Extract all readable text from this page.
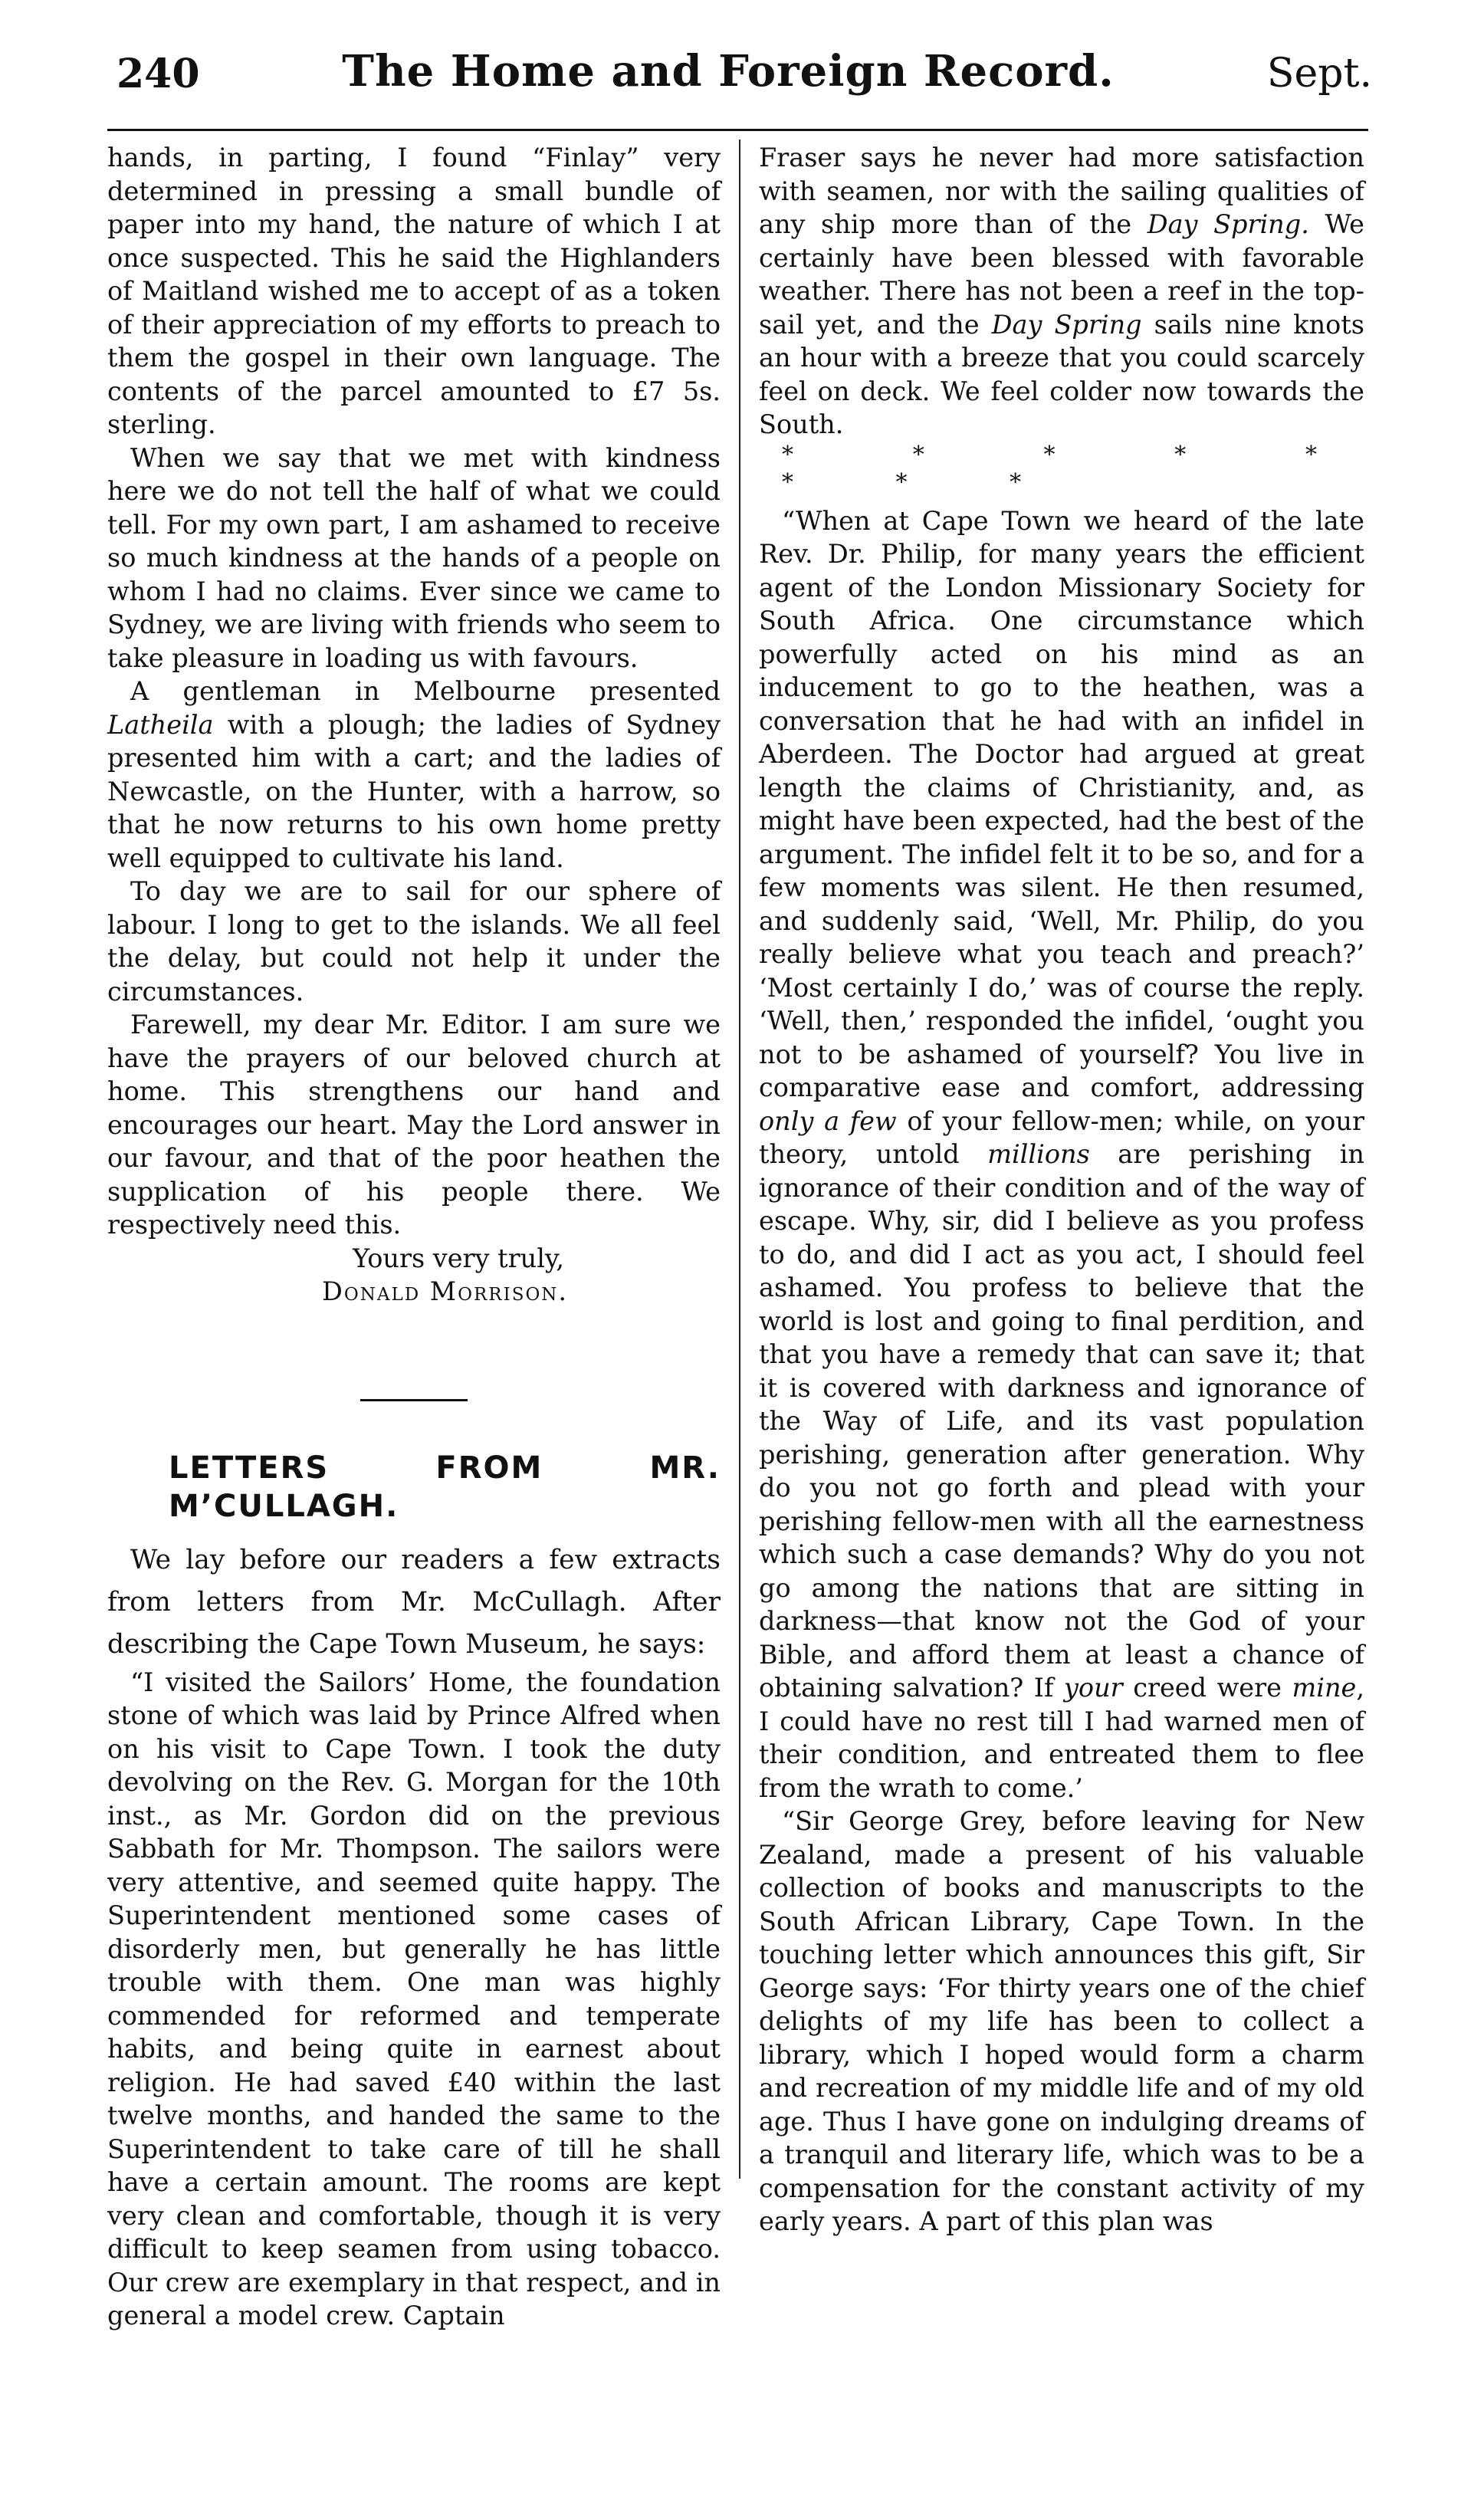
240	The Home and Foreign Record.	Sept.

hands, in parting, I found “Finlay” very determined in pressing a small bundle of paper into my hand, the nature of which I at once suspected. This he said the Highlanders of Maitland wished me to accept of as a token of their appreciation of my efforts to preach to them the gospel in their own language. The contents of the parcel amounted to £7 5s. sterling.

When we say that we met with kindness here we do not tell the half of what we could tell. For my own part, I am ashamed to receive so much kindness at the hands of a people on whom I had no claims. Ever since we came to Sydney, we are living with friends who seem to take pleasure in loading us with favours.

A gentleman in Melbourne presented Latheila with a plough; the ladies of Sydney presented him with a cart; and the ladies of Newcastle, on the Hunter, with a harrow, so that he now returns to his own home pretty well equipped to cultivate his land.

To day we are to sail for our sphere of labour. I long to get to the islands. We all feel the delay, but could not help it under the circumstances.

Farewell, my dear Mr. Editor. I am sure we have the prayers of our beloved church at home. This strengthens our hand and encourages our heart. May the Lord answer in our favour, and that of the poor heathen the supplication of his people there. We respectively need this.

Yours very truly,

Donald Morrison.

LETTERS FROM MR. M’CULLAGH.

We lay before our readers a few extracts from letters from Mr. McCullagh. After describing the Cape Town Museum, he says:

“I visited the Sailors’ Home, the foundation stone of which was laid by Prince Alfred when on his visit to Cape Town. I took the duty devolving on the Rev. G. Morgan for the 10th inst., as Mr. Gordon did on the previous Sabbath for Mr. Thompson. The sailors were very attentive, and seemed quite happy. The Superintendent mentioned some cases of disorderly men, but generally he has little trouble with them. One man was highly commended for reformed and temperate habits, and being quite in earnest about religion. He had saved £40 within the last twelve months, and handed the same to the Superintendent to take care of till he shall have a certain amount. The rooms are kept very clean and comfortable, though it is very difficult to keep seamen from using tobacco. Our crew are exemplary in that respect, and in general a model crew. Captain

Fraser says he never had more satisfaction with seamen, nor with the sailing qualities of any ship more than of the Day Spring. We certainly have been blessed with favorable weather. There has not been a reef in the top-sail yet, and the Day Spring sails nine knots an hour with a breeze that you could scarcely feel on deck. We feel colder now towards the South.

* * * * * * * *

“When at Cape Town we heard of the late Rev. Dr. Philip, for many years the efficient agent of the London Missionary Society for South Africa. One circumstance which powerfully acted on his mind as an inducement to go to the heathen, was a conversation that he had with an infidel in Aberdeen. The Doctor had argued at great length the claims of Christianity, and, as might have been expected, had the best of the argument. The infidel felt it to be so, and for a few moments was silent. He then resumed, and suddenly said, ‘Well, Mr. Philip, do you really believe what you teach and preach?’ ‘Most certainly I do,’ was of course the reply. ‘Well, then,’ responded the infidel, ‘ought you not to be ashamed of yourself? You live in comparative ease and comfort, addressing only a few of your fellow-men; while, on your theory, untold millions are perishing in ignorance of their condition and of the way of escape. Why, sir, did I believe as you profess to do, and did I act as you act, I should feel ashamed. You profess to believe that the world is lost and going to final perdition, and that you have a remedy that can save it; that it is covered with darkness and ignorance of the Way of Life, and its vast population perishing, generation after generation. Why do you not go forth and plead with your perishing fellow-men with all the earnestness which such a case demands? Why do you not go among the nations that are sitting in darkness—that know not the God of your Bible, and afford them at least a chance of obtaining salvation? If your creed were mine, I could have no rest till I had warned men of their condition, and entreated them to flee from the wrath to come.’

“Sir George Grey, before leaving for New Zealand, made a present of his valuable collection of books and manuscripts to the South African Library, Cape Town. In the touching letter which announces this gift, Sir George says: ‘For thirty years one of the chief delights of my life has been to collect a library, which I hoped would form a charm and recreation of my middle life and of my old age. Thus I have gone on indulging dreams of a tranquil and literary life, which was to be a compensation for the constant activity of my early years. A part of this plan was
